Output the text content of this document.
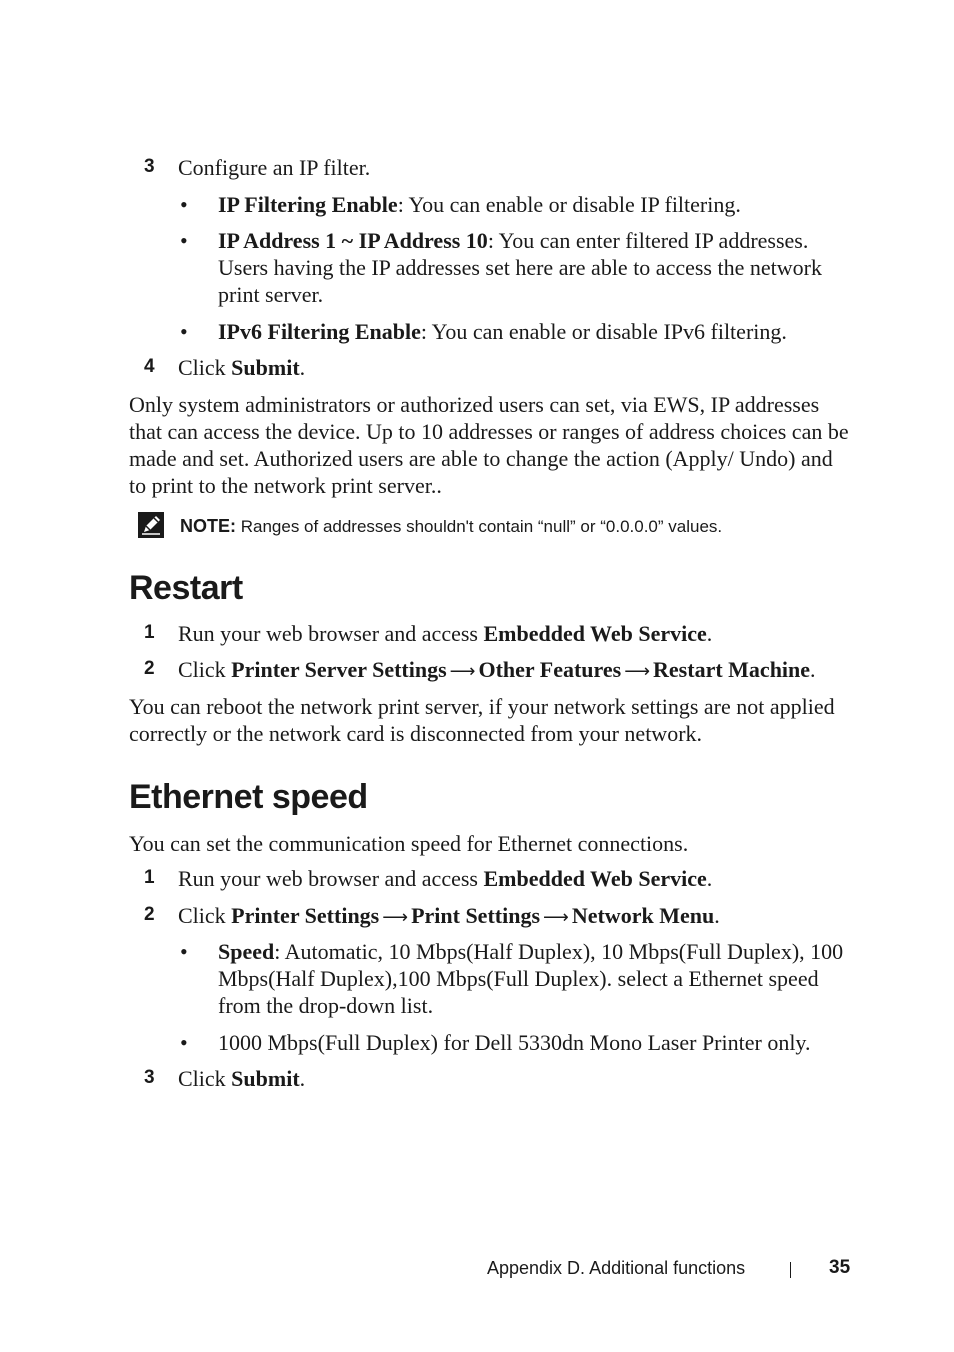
3 Configure an IP filter.
• IP Filtering Enable: You can enable or disable IP filtering.
• IP Address 1 ~ IP Address 10: You can enter filtered IP addresses. Users having the IP addresses set here are able to access the network print server.
• IPv6 Filtering Enable: You can enable or disable IPv6 filtering.
4 Click Submit.
Only system administrators or authorized users can set, via EWS, IP addresses that can access the device. Up to 10 addresses or ranges of address choices can be made and set. Authorized users are able to change the action (Apply/ Undo) and to print to the network print server..
NOTE: Ranges of addresses shouldn't contain “null” or “0.0.0.0” values.
Restart
1 Run your web browser and access Embedded Web Service.
2 Click Printer Server Settings ⟶ Other Features ⟶ Restart Machine.
You can reboot the network print server, if your network settings are not applied correctly or the network card is disconnected from your network.
Ethernet speed
You can set the communication speed for Ethernet connections.
1 Run your web browser and access Embedded Web Service.
2 Click Printer Settings ⟶ Print Settings ⟶ Network Menu.
• Speed: Automatic, 10 Mbps(Half Duplex), 10 Mbps(Full Duplex), 100 Mbps(Half Duplex),100 Mbps(Full Duplex). select a Ethernet speed from the drop-down list.
• 1000 Mbps(Full Duplex) for Dell 5330dn Mono Laser Printer only.
3 Click Submit.
Appendix D. Additional functions	35
